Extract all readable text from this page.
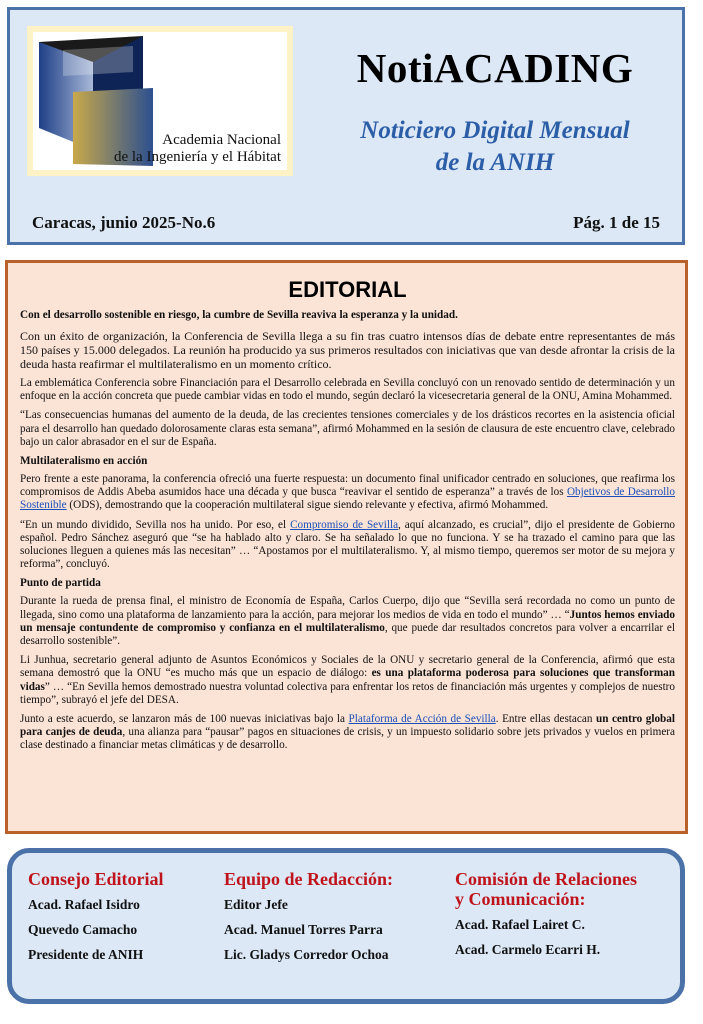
Academia Nacional
de la Ingeniería y el Hábitat
NotiACADING
Noticiero Digital Mensual
de la ANIH
Caracas, junio 2025-No.6	Pág. 1 de 15
EDITORIAL

Con el desarrollo sostenible en riesgo, la cumbre de Sevilla reaviva la esperanza y la unidad.

Con un éxito de organización, la Conferencia de Sevilla llega a su fin tras cuatro intensos días de debate entre representantes de más 150 países y 15.000 delegados. La reunión ha producido ya sus primeros resultados con iniciativas que van desde afrontar la crisis de la deuda hasta reafirmar el multilateralismo en un momento crítico.

La emblemática Conferencia sobre Financiación para el Desarrollo celebrada en Sevilla concluyó con un renovado sentido de determinación y un enfoque en la acción concreta que puede cambiar vidas en todo el mundo, según declaró la vicesecretaria general de la ONU, Amina Mohammed.

“Las consecuencias humanas del aumento de la deuda, de las crecientes tensiones comerciales y de los drásticos recortes en la asistencia oficial para el desarrollo han quedado dolorosamente claras esta semana”, afirmó Mohammed en la sesión de clausura de este encuentro clave, celebrado bajo un calor abrasador en el sur de España.

Multilateralismo en acción

Pero frente a este panorama, la conferencia ofreció una fuerte respuesta: un documento final unificador centrado en soluciones, que reafirma los compromisos de Addis Abeba asumidos hace una década y que busca “reavivar el sentido de esperanza” a través de los Objetivos de Desarrollo Sostenible (ODS), demostrando que la cooperación multilateral sigue siendo relevante y efectiva, afirmó Mohammed.

“En un mundo dividido, Sevilla nos ha unido. Por eso, el Compromiso de Sevilla, aquí alcanzado, es crucial”, dijo el presidente de Gobierno español. Pedro Sánchez aseguró que “se ha hablado alto y claro. Se ha señalado lo que no funciona. Y se ha trazado el camino para que las soluciones lleguen a quienes más las necesitan” … “Apostamos por el multilateralismo. Y, al mismo tiempo, queremos ser motor de su mejora y reforma”, concluyó.

Punto de partida

Durante la rueda de prensa final, el ministro de Economía de España, Carlos Cuerpo, dijo que “Sevilla será recordada no como un punto de llegada, sino como una plataforma de lanzamiento para la acción, para mejorar los medios de vida en todo el mundo” … “Juntos hemos enviado un mensaje contundente de compromiso y confianza en el multilateralismo, que puede dar resultados concretos para volver a encarrilar el desarrollo sostenible”.

Li Junhua, secretario general adjunto de Asuntos Económicos y Sociales de la ONU y secretario general de la Conferencia, afirmó que esta semana demostró que la ONU “es mucho más que un espacio de diálogo: es una plataforma poderosa para soluciones que transforman vidas” … “En Sevilla hemos demostrado nuestra voluntad colectiva para enfrentar los retos de financiación más urgentes y complejos de nuestro tiempo”, subrayó el jefe del DESA.

Junto a este acuerdo, se lanzaron más de 100 nuevas iniciativas bajo la Plataforma de Acción de Sevilla. Entre ellas destacan un centro global para canjes de deuda, una alianza para “pausar” pagos en situaciones de crisis, y un impuesto solidario sobre jets privados y vuelos en primera clase destinado a financiar metas climáticas y de desarrollo.

Consejo Editorial
Acad. Rafael Isidro
Quevedo Camacho
Presidente de ANIH
Equipo de Redacción:
Editor Jefe
Acad. Manuel Torres Parra
Lic. Gladys Corredor Ochoa
Comisión de Relaciones
y Comunicación:
Acad. Rafael Lairet C.
Acad. Carmelo Ecarri H.
